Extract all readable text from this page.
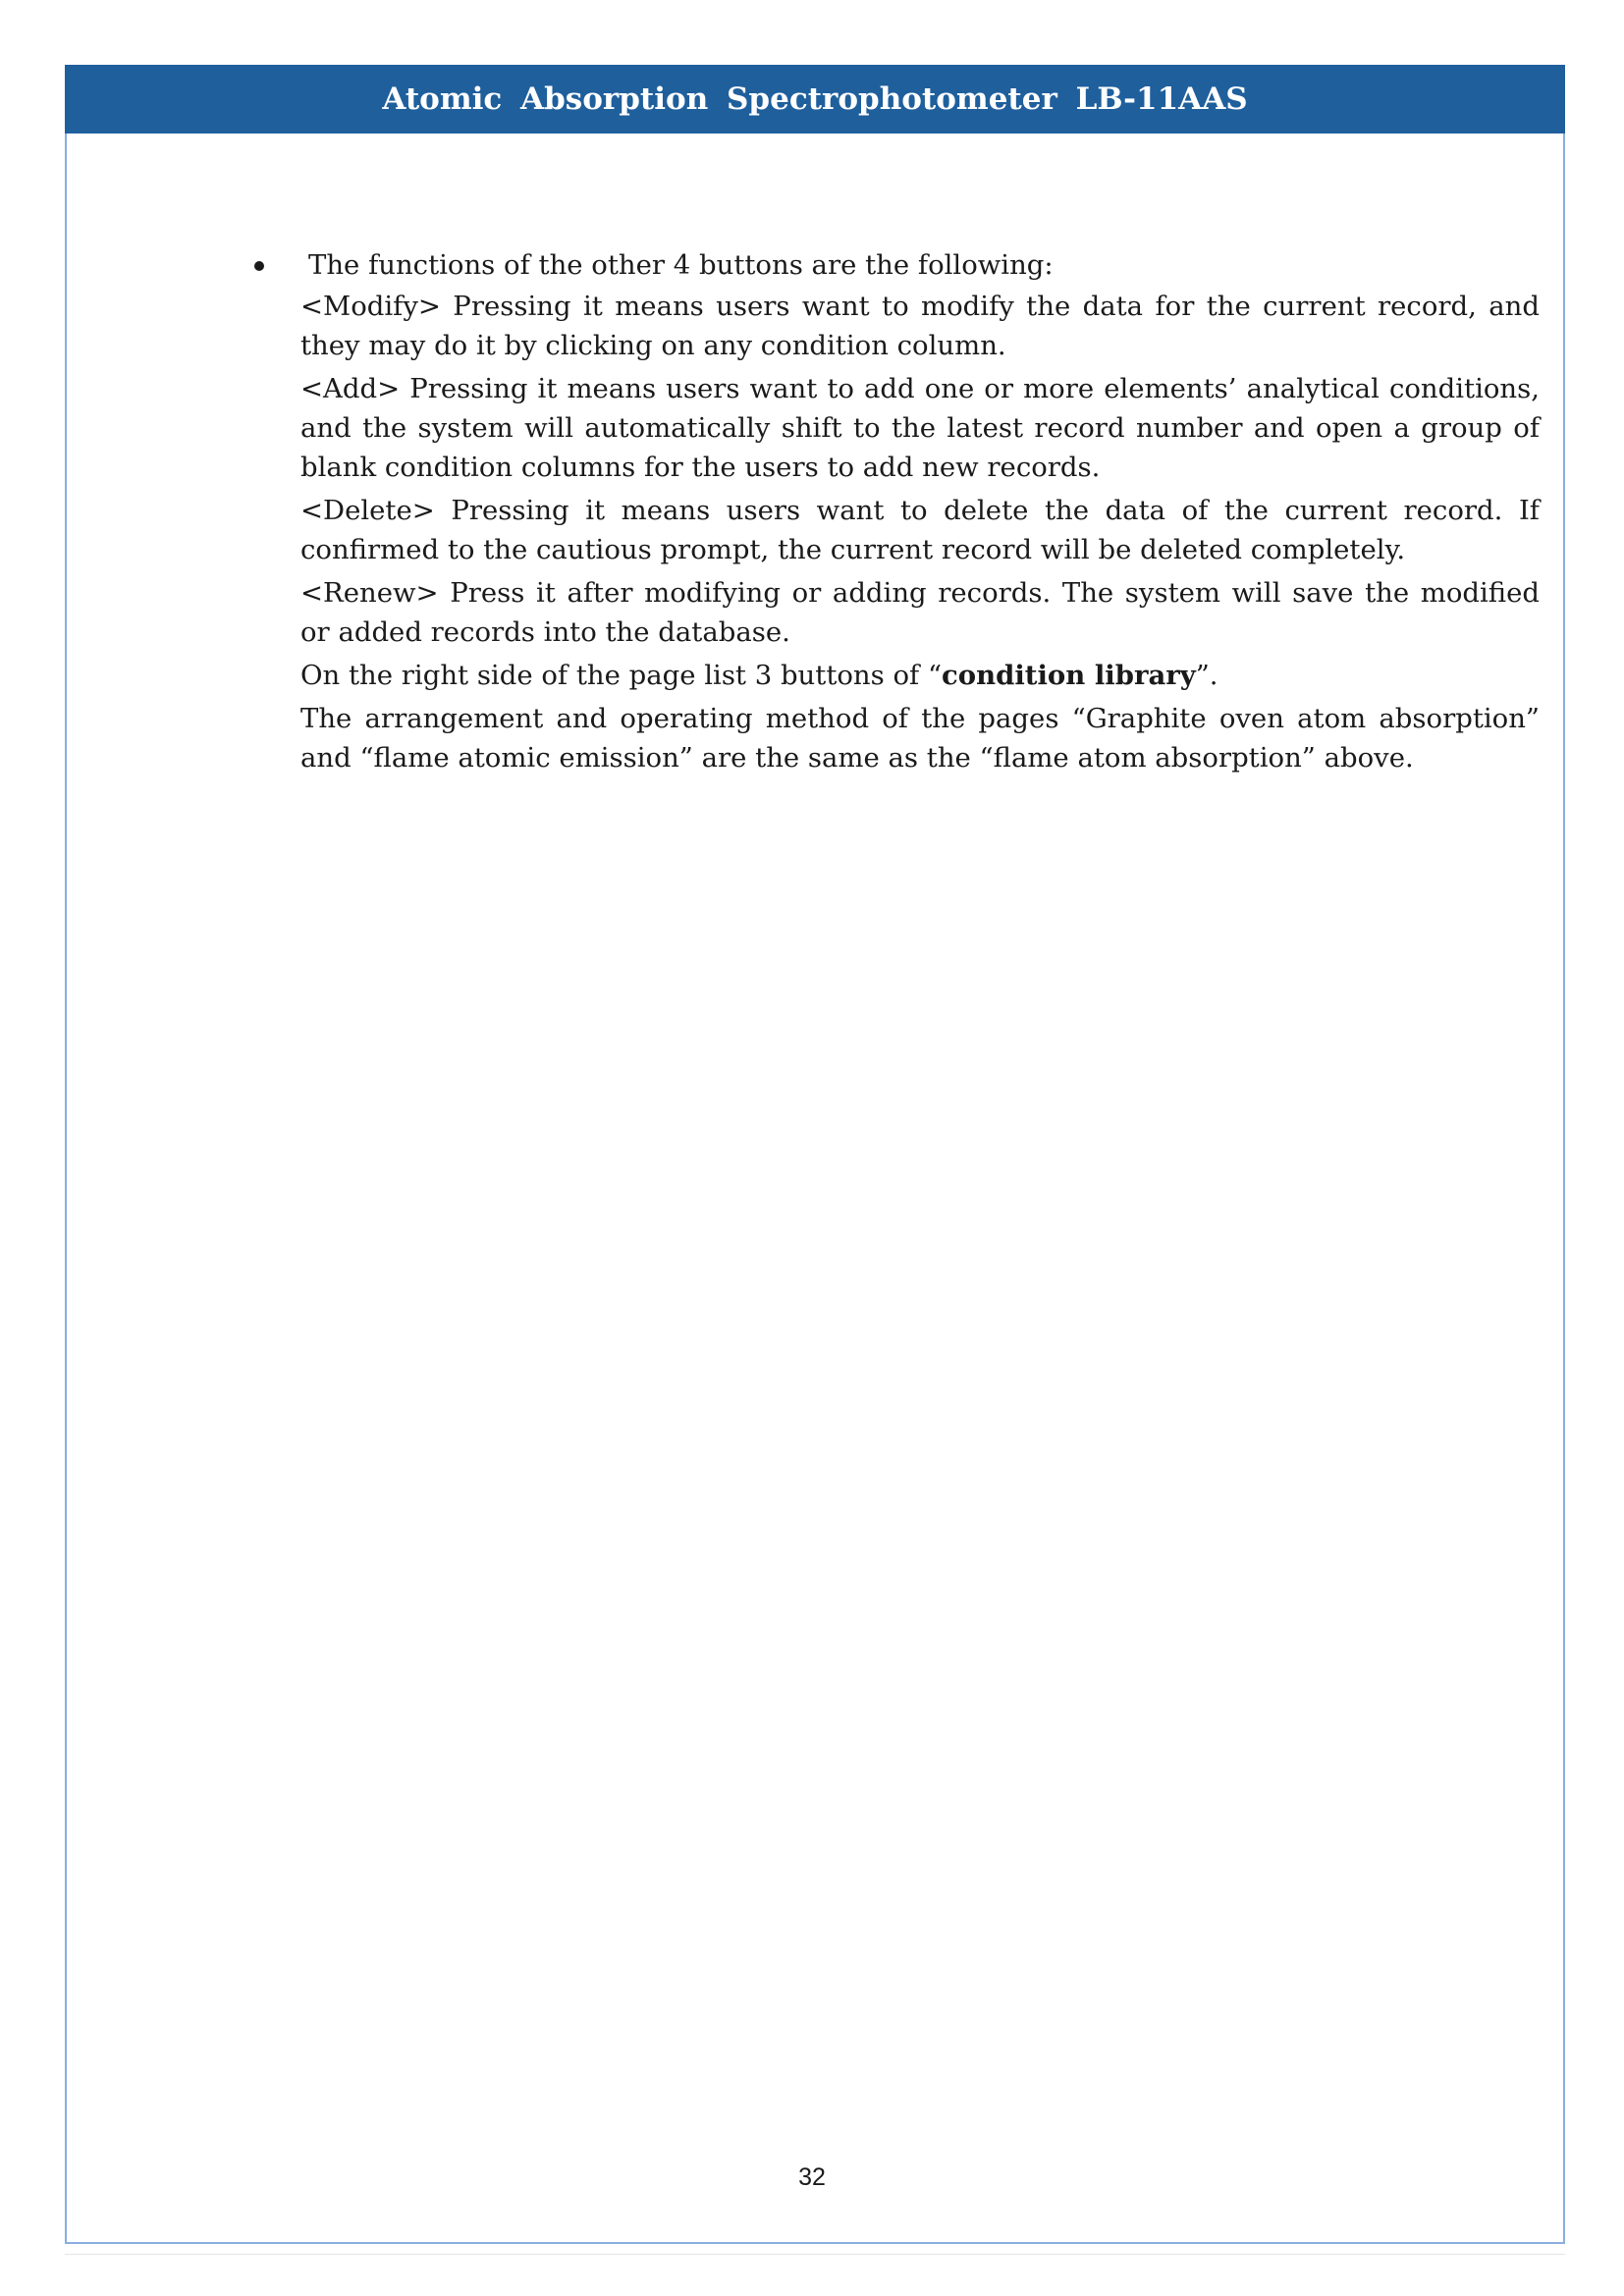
Atomic Absorption Spectrophotometer LB-11AAS
The functions of the other 4 buttons are the following:

<Modify> Pressing it means users want to modify the data for the current record, and they may do it by clicking on any condition column.

<Add> Pressing it means users want to add one or more elements’ analytical conditions, and the system will automatically shift to the latest record number and open a group of blank condition columns for the users to add new records.

<Delete> Pressing it means users want to delete the data of the current record. If confirmed to the cautious prompt, the current record will be deleted completely.

<Renew> Press it after modifying or adding records. The system will save the modified or added records into the database.

On the right side of the page list 3 buttons of “condition library”.

The arrangement and operating method of the pages “Graphite oven atom absorption” and “flame atomic emission” are the same as the “flame atom absorption” above.

32
